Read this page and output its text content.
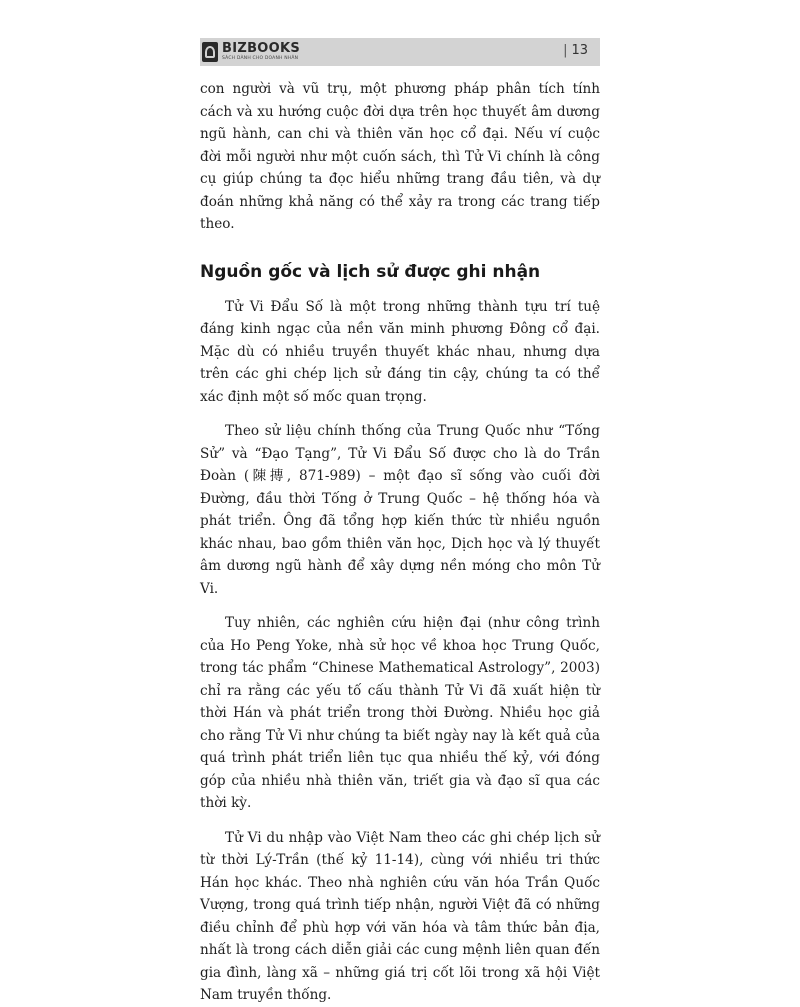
BIZBOOKS
SÁCH DÀNH CHO DOANH NHÂN
| 13

con người và vũ trụ, một phương pháp phân tích tính cách và xu hướng cuộc đời dựa trên học thuyết âm dương ngũ hành, can chi và thiên văn học cổ đại. Nếu ví cuộc đời mỗi người như một cuốn sách, thì Tử Vi chính là công cụ giúp chúng ta đọc hiểu những trang đầu tiên, và dự đoán những khả năng có thể xảy ra trong các trang tiếp theo.

Nguồn gốc và lịch sử được ghi nhận

Tử Vi Đẩu Số là một trong những thành tựu trí tuệ đáng kinh ngạc của nền văn minh phương Đông cổ đại. Mặc dù có nhiều truyền thuyết khác nhau, nhưng dựa trên các ghi chép lịch sử đáng tin cậy, chúng ta có thể xác định một số mốc quan trọng.

Theo sử liệu chính thống của Trung Quốc như “Tống Sử” và “Đạo Tạng”, Tử Vi Đẩu Số được cho là do Trần Đoàn (陳摶, 871-989) – một đạo sĩ sống vào cuối đời Đường, đầu thời Tống ở Trung Quốc – hệ thống hóa và phát triển. Ông đã tổng hợp kiến thức từ nhiều nguồn khác nhau, bao gồm thiên văn học, Dịch học và lý thuyết âm dương ngũ hành để xây dựng nền móng cho môn Tử Vi.

Tuy nhiên, các nghiên cứu hiện đại (như công trình của Ho Peng Yoke, nhà sử học về khoa học Trung Quốc, trong tác phẩm “Chinese Mathematical Astrology”, 2003) chỉ ra rằng các yếu tố cấu thành Tử Vi đã xuất hiện từ thời Hán và phát triển trong thời Đường. Nhiều học giả cho rằng Tử Vi như chúng ta biết ngày nay là kết quả của quá trình phát triển liên tục qua nhiều thế kỷ, với đóng góp của nhiều nhà thiên văn, triết gia và đạo sĩ qua các thời kỳ.

Tử Vi du nhập vào Việt Nam theo các ghi chép lịch sử từ thời Lý-Trần (thế kỷ 11-14), cùng với nhiều tri thức Hán học khác. Theo nhà nghiên cứu văn hóa Trần Quốc Vượng, trong quá trình tiếp nhận, người Việt đã có những điều chỉnh để phù hợp với văn hóa và tâm thức bản địa, nhất là trong cách diễn giải các cung mệnh liên quan đến gia đình, làng xã – những giá trị cốt lõi trong xã hội Việt Nam truyền thống.
